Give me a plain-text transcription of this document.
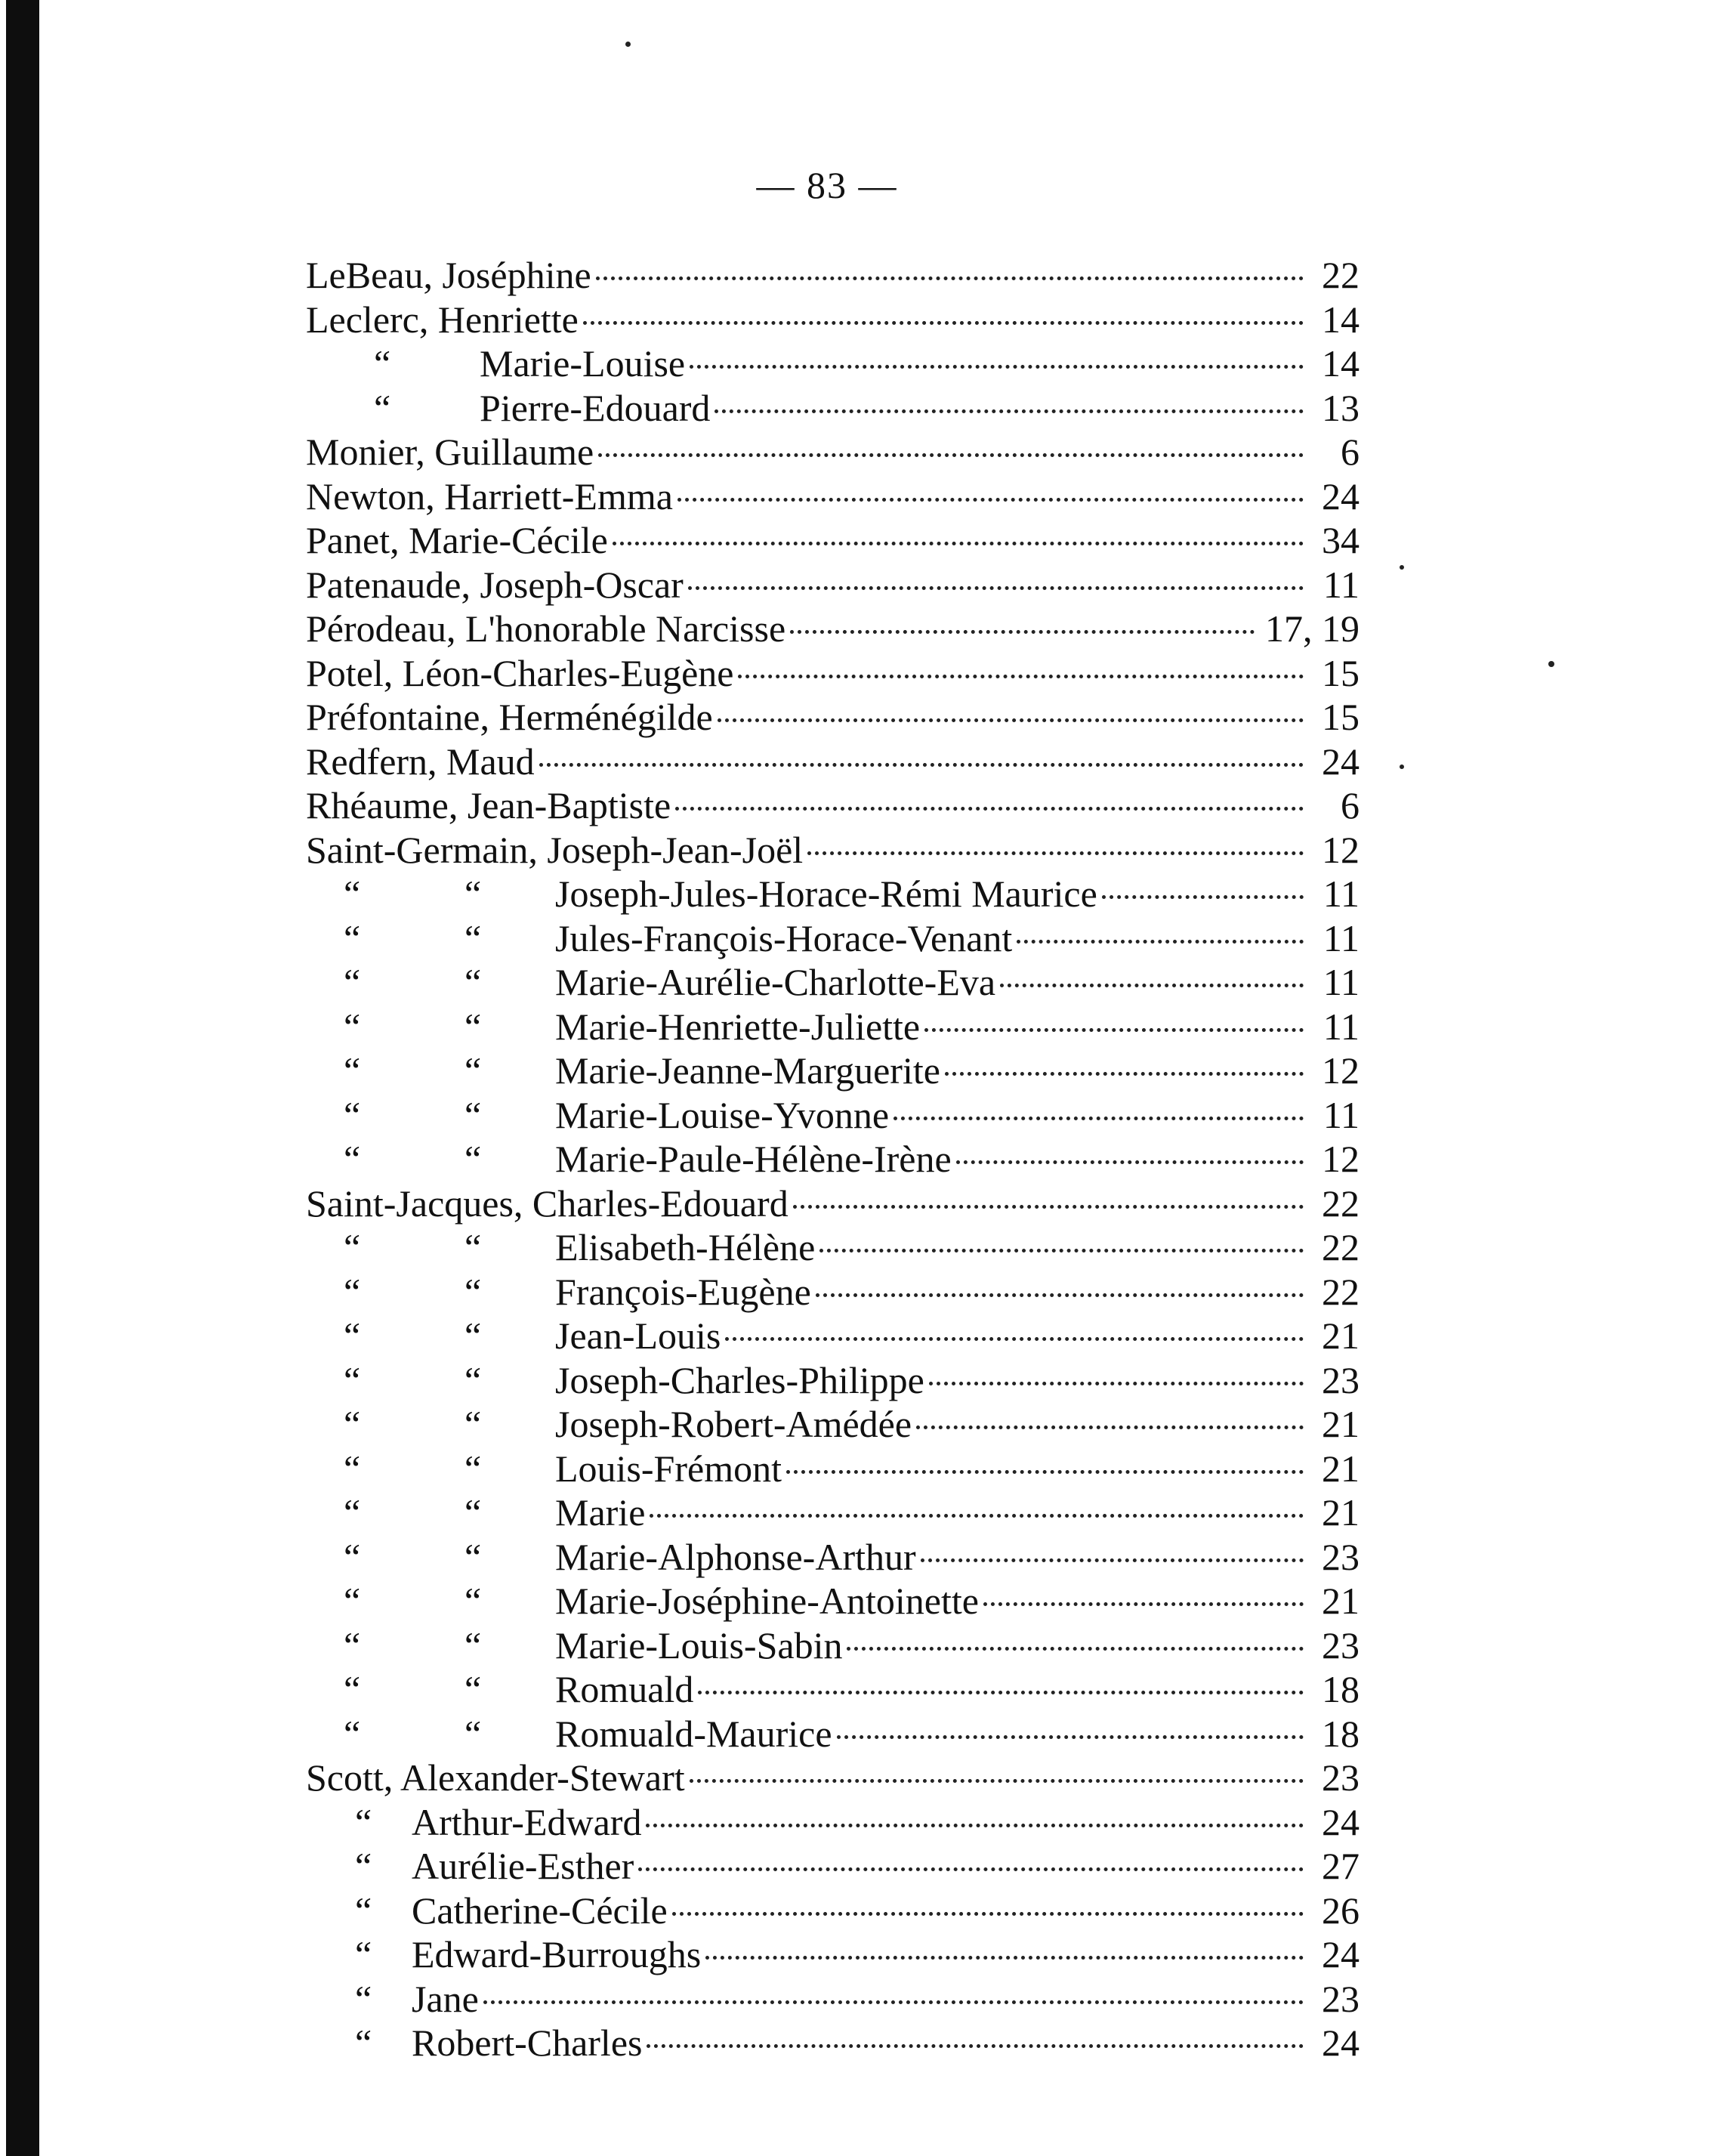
— 83 —
LeBeau, Joséphine	22
Leclerc, Henriette	14
“	Marie-Louise	14
“	Pierre-Edouard	13
Monier, Guillaume	6
Newton, Harriett-Emma	24
Panet, Marie-Cécile	34
Patenaude, Joseph-Oscar	11
Pérodeau, L'honorable Narcisse	17, 19
Potel, Léon-Charles-Eugène	15
Préfontaine, Herménégilde	15
Redfern, Maud	24
Rhéaume, Jean-Baptiste	6
Saint-Germain, Joseph-Jean-Joël	12
“	“	Joseph-Jules-Horace-Rémi Maurice	11
“	“	Jules-François-Horace-Venant	11
“	“	Marie-Aurélie-Charlotte-Eva	11
“	“	Marie-Henriette-Juliette	11
“	“	Marie-Jeanne-Marguerite	12
“	“	Marie-Louise-Yvonne	11
“	“	Marie-Paule-Hélène-Irène	12
Saint-Jacques, Charles-Edouard	22
“	“	Elisabeth-Hélène	22
“	“	François-Eugène	22
“	“	Jean-Louis	21
“	“	Joseph-Charles-Philippe	23
“	“	Joseph-Robert-Amédée	21
“	“	Louis-Frémont	21
“	“	Marie	21
“	“	Marie-Alphonse-Arthur	23
“	“	Marie-Joséphine-Antoinette	21
“	“	Marie-Louis-Sabin	23
“	“	Romuald	18
“	“	Romuald-Maurice	18
Scott, Alexander-Stewart	23
“	Arthur-Edward	24
“	Aurélie-Esther	27
“	Catherine-Cécile	26
“	Edward-Burroughs	24
“	Jane	23
“	Robert-Charles	24
